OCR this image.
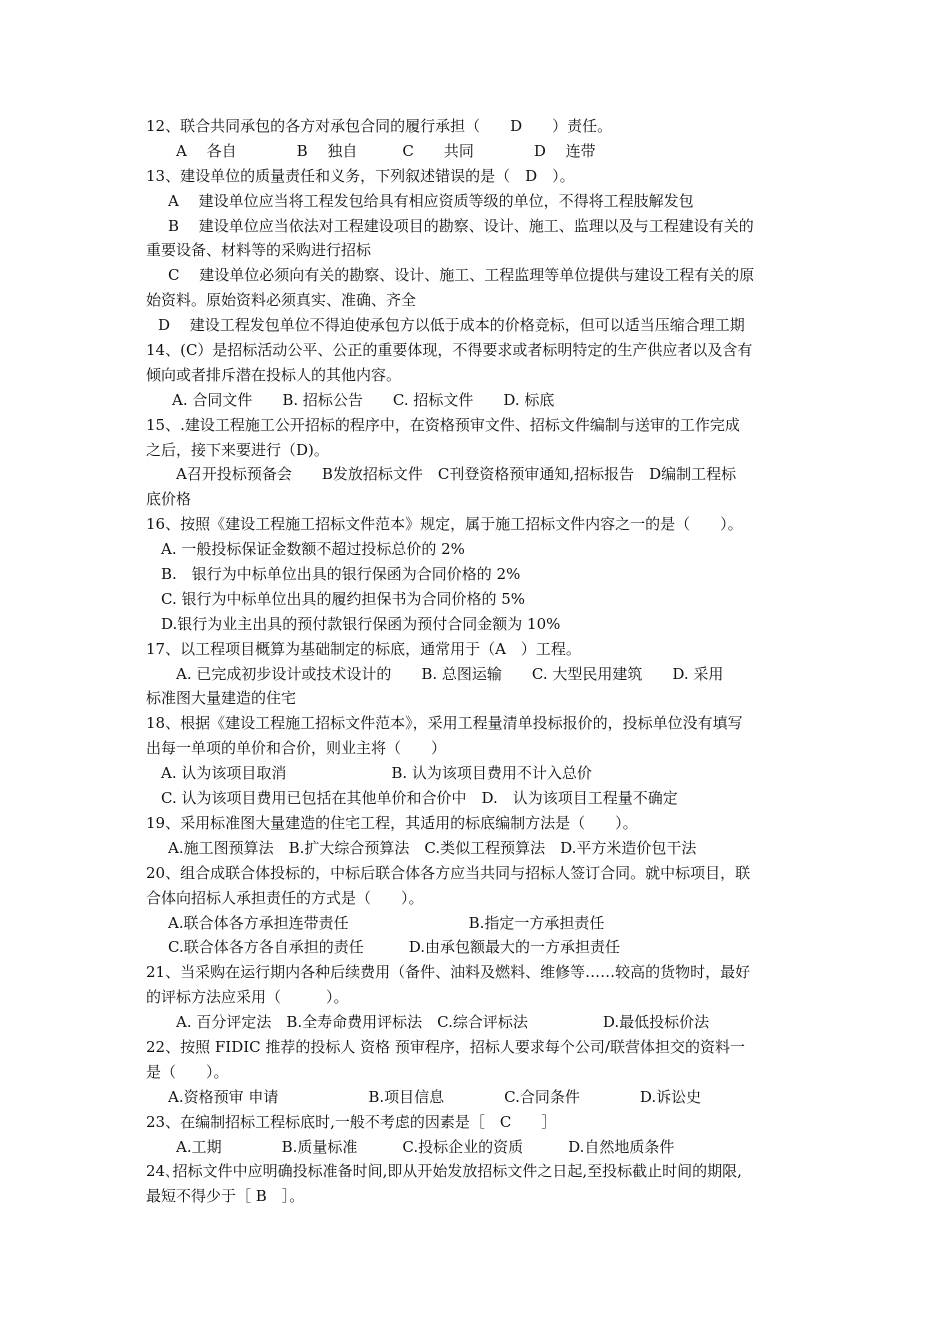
12、联合共同承包的各方对承包合同的履行承担（　　D　　）责任。
A　 各自　　　　B　 独自　　　C　　共同　　　　D　 连带
13、建设单位的质量责任和义务，下列叙述错误的是（　D　）。
A　 建设单位应当将工程发包给具有相应资质等级的单位，不得将工程肢解发包
B　 建设单位应当依法对工程建设项目的勘察、设计、施工、监理以及与工程建设有关的
重要设备、材料等的采购进行招标
C　 建设单位必须向有关的勘察、设计、施工、工程监理等单位提供与建设工程有关的原
始资料。原始资料必须真实、准确、齐全
D　 建设工程发包单位不得迫使承包方以低于成本的价格竞标，但可以适当压缩合理工期
14、(C）是招标活动公平、公正的重要体现，不得要求或者标明特定的生产供应者以及含有
倾向或者排斥潜在投标人的其他内容。
A. 合同文件　　B. 招标公告　　C. 招标文件　　D. 标底
15、.建设工程施工公开招标的程序中，在资格预审文件、招标文件编制与送审的工作完成
之后，接下来要进行（D)。
A召开投标预备会　　B发放招标文件　C刊登资格预审通知,招标报告　D编制工程标
底价格
16、按照《建设工程施工招标文件范本》规定，属于施工招标文件内容之一的是（　　）。
A. 一般投标保证金数额不超过投标总价的 2%
B.　银行为中标单位出具的银行保函为合同价格的 2%
C. 银行为中标单位出具的履约担保书为合同价格的 5%
D.银行为业主出具的预付款银行保函为预付合同金额为 10%
17、以工程项目概算为基础制定的标底，通常用于（A　）工程。
A. 已完成初步设计或技术设计的　　B. 总图运输　　C. 大型民用建筑　　D. 采用
标准图大量建造的住宅
18、根据《建设工程施工招标文件范本》，采用工程量清单投标报价的，投标单位没有填写
出每一单项的单价和合价，则业主将（　　）
A. 认为该项目取消　　　　　　　B. 认为该项目费用不计入总价
C. 认为该项目费用已包括在其他单价和合价中　D.　认为该项目工程量不确定
19、采用标准图大量建造的住宅工程，其适用的标底编制方法是（　　）。
A.施工图预算法　B.扩大综合预算法　C.类似工程预算法　D.平方米造价包干法
20、组合成联合体投标的，中标后联合体各方应当共同与招标人签订合同。就中标项目，联
合体向招标人承担责任的方式是（　　）。
A.联合体各方承担连带责任　　　　　　　　B.指定一方承担责任
C.联合体各方各自承担的责任　　　D.由承包额最大的一方承担责任
21、当采购在运行期内各种后续费用（备件、油料及燃料、维修等……较高的货物时，最好
的评标方法应采用（　　　）。
A. 百分评定法　B.全寿命费用评标法　C.综合评标法　　　　　D.最低投标价法
22、按照 FIDIC 推荐的投标人 资格 预审程序，招标人要求每个公司/联营体担交的资料一
是（　　）。
A.资格预审 申请　　　　　　B.项目信息　　　　C.合同条件　　　　D.诉讼史
23、在编制招标工程标底时,一般不考虑的因素是［　C　　］
A.工期　　　　B.质量标准　　　C.投标企业的资质　　　D.自然地质条件
24､招标文件中应明确投标准备时间,即从开始发放招标文件之日起,至投标截止时间的期限,
最短不得少于［ B　］。
